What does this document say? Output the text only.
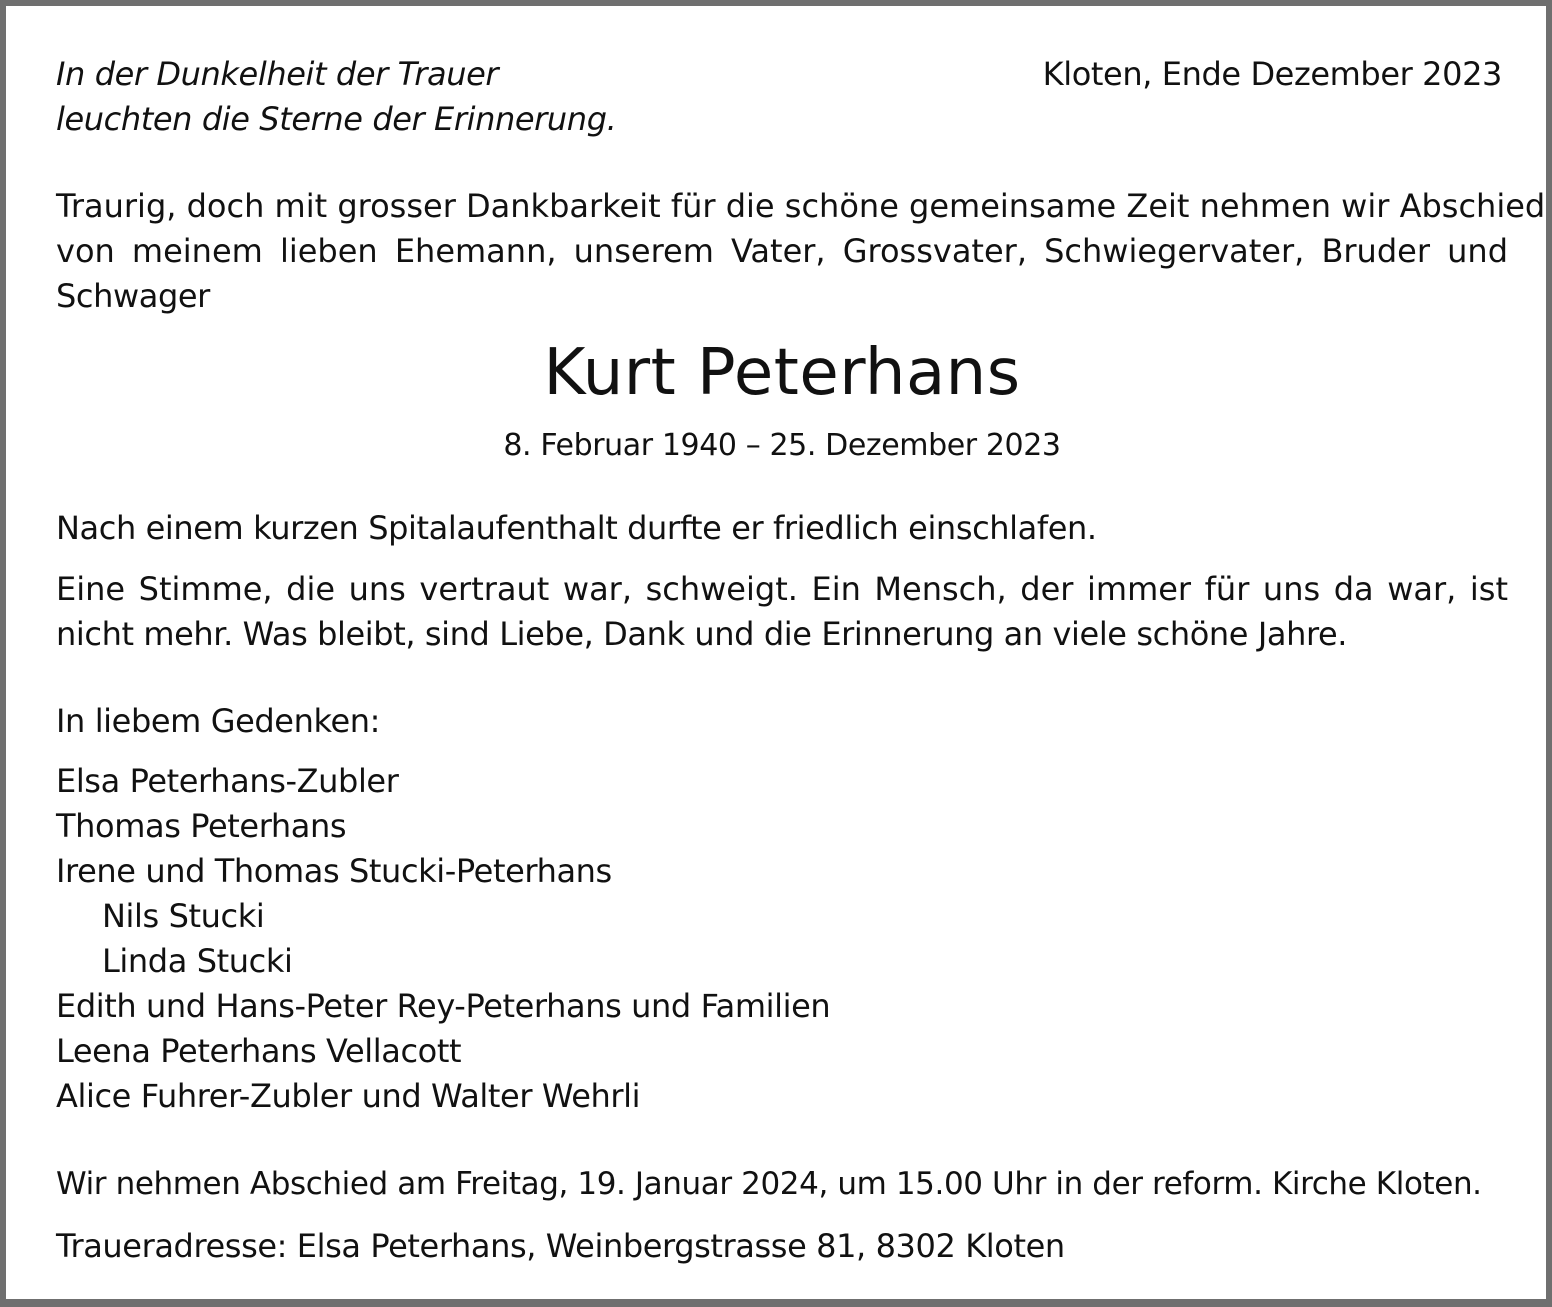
In der Dunkelheit der Trauer
leuchten die Sterne der Erinnerung.
Kloten, Ende Dezember 2023
Traurig, doch mit grosser Dankbarkeit für die schöne gemeinsame Zeit nehmen wir Abschied
von meinem lieben Ehemann, unserem Vater, Grossvater, Schwiegervater, Bruder und
Schwager
Kurt Peterhans
8. Februar 1940 – 25. Dezember 2023
Nach einem kurzen Spitalaufenthalt durfte er friedlich einschlafen.
Eine Stimme, die uns vertraut war, schweigt. Ein Mensch, der immer für uns da war, ist
nicht mehr. Was bleibt, sind Liebe, Dank und die Erinnerung an viele schöne Jahre.
In liebem Gedenken:
Elsa Peterhans-Zubler
Thomas Peterhans
Irene und Thomas Stucki-Peterhans
Nils Stucki
Linda Stucki
Edith und Hans-Peter Rey-Peterhans und Familien
Leena Peterhans Vellacott
Alice Fuhrer-Zubler und Walter Wehrli
Wir nehmen Abschied am Freitag, 19. Januar 2024, um 15.00 Uhr in der reform. Kirche Kloten.
Traueradresse: Elsa Peterhans, Weinbergstrasse 81, 8302 Kloten
